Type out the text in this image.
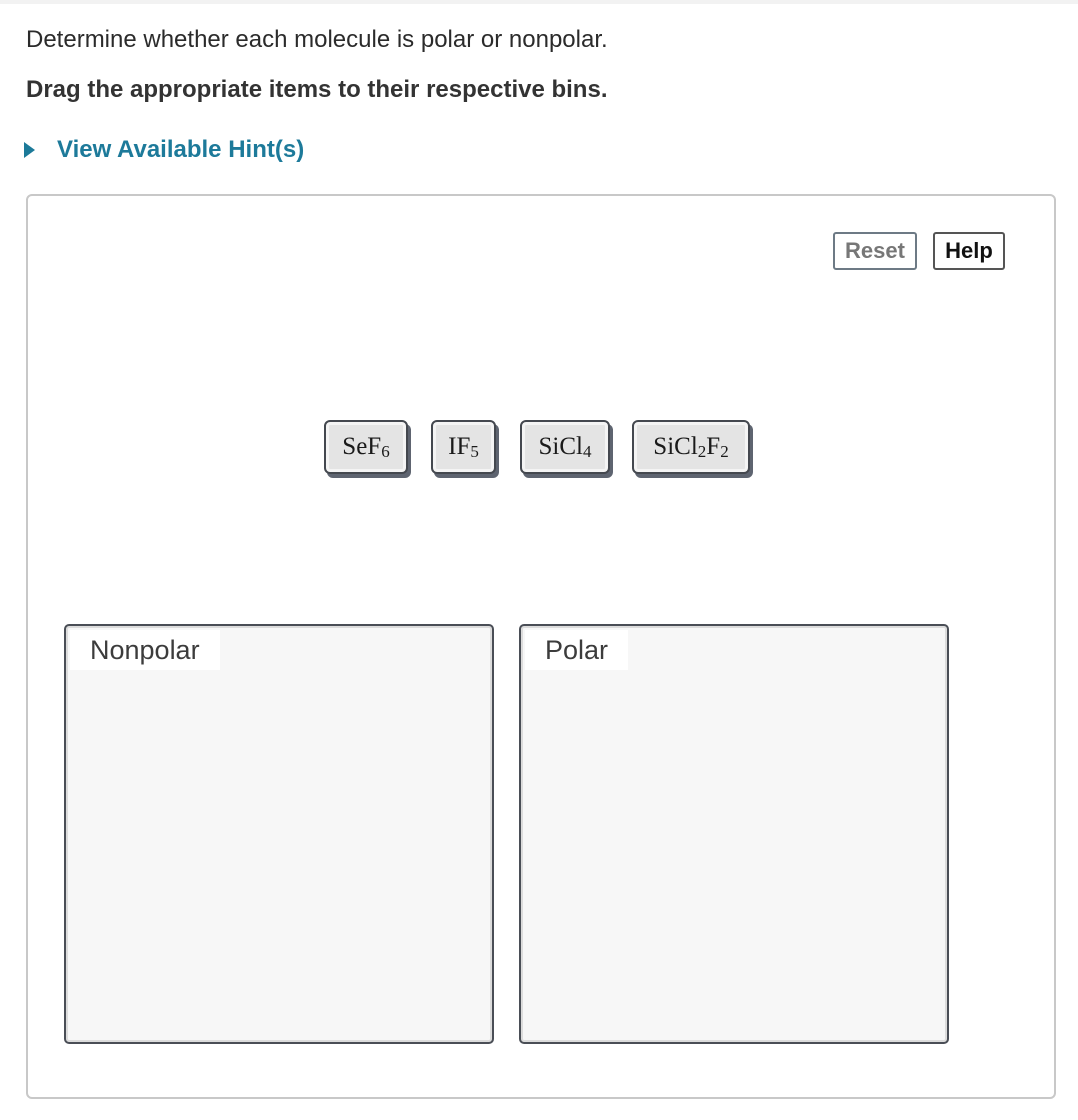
Determine whether each molecule is polar or nonpolar.
Drag the appropriate items to their respective bins.
View Available Hint(s)
Reset	Help
SeF$_6$ $IF_5$ SiCl$_4$ SiCl$_2$ $F_2$
Nonpolar	Polar
